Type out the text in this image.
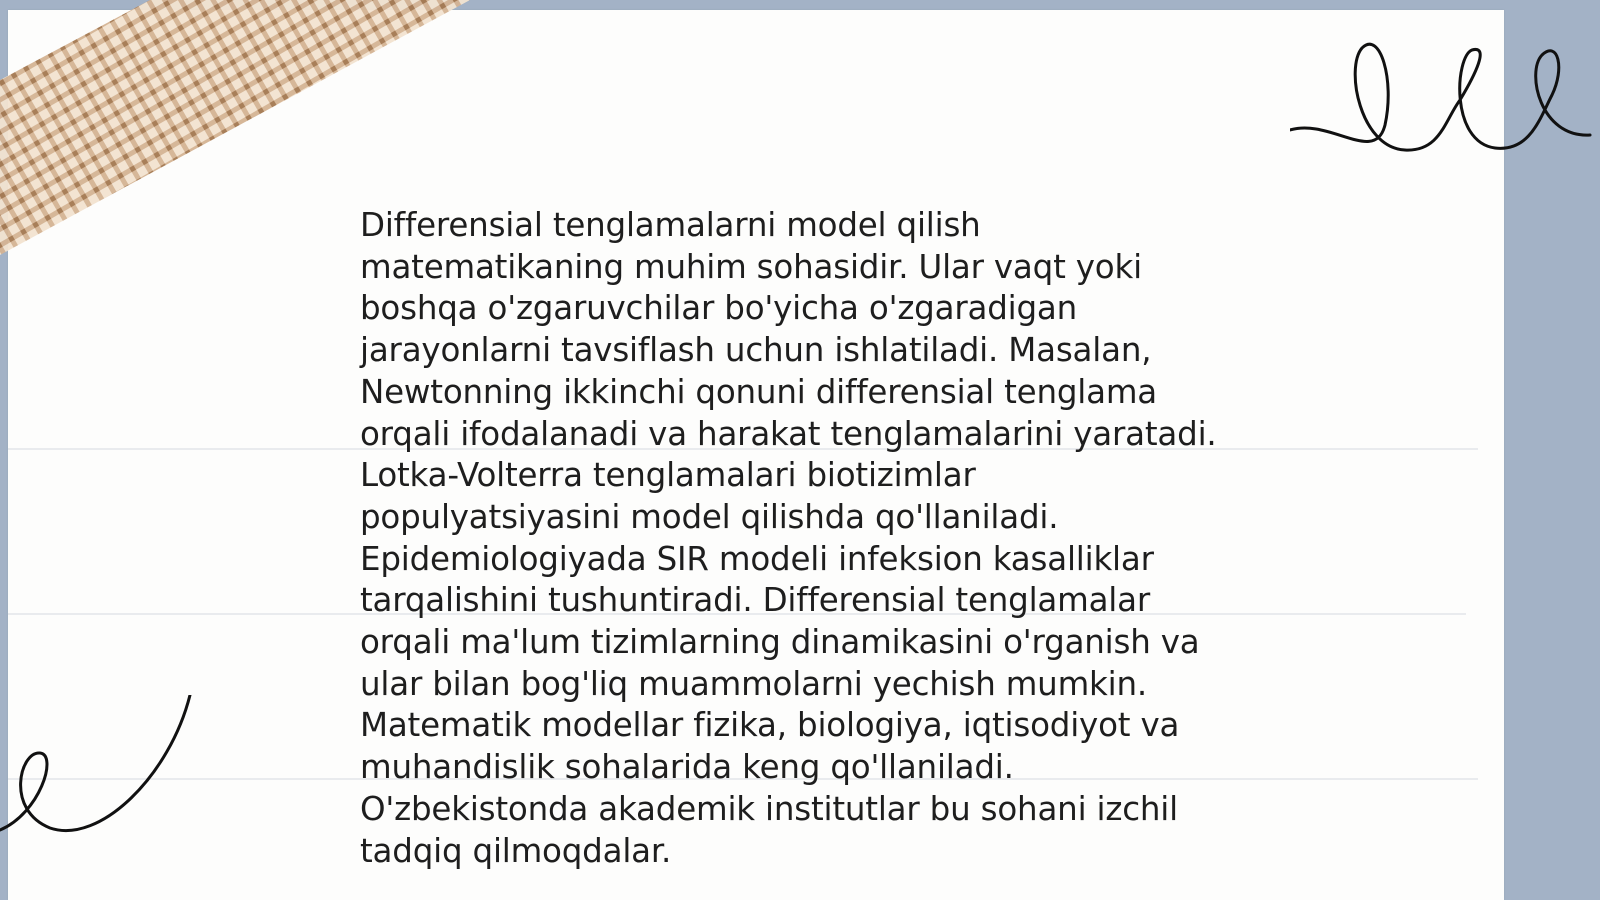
Differensial tenglamalarni model qilish
matematikaning muhim sohasidir. Ular vaqt yoki
boshqa o'zgaruvchilar bo'yicha o'zgaradigan
jarayonlarni tavsiflash uchun ishlatiladi. Masalan,
Newtonning ikkinchi qonuni differensial tenglama
orqali ifodalanadi va harakat tenglamalarini yaratadi.
Lotka-Volterra tenglamalari biotizimlar
populyatsiyasini model qilishda qo'llaniladi.
Epidemiologiyada SIR modeli infeksion kasalliklar
tarqalishini tushuntiradi. Differensial tenglamalar
orqali ma'lum tizimlarning dinamikasini o'rganish va
ular bilan bog'liq muammolarni yechish mumkin.
Matematik modellar fizika, biologiya, iqtisodiyot va
muhandislik sohalarida keng qo'llaniladi.
O'zbekistonda akademik institutlar bu sohani izchil
tadqiq qilmoqdalar.
